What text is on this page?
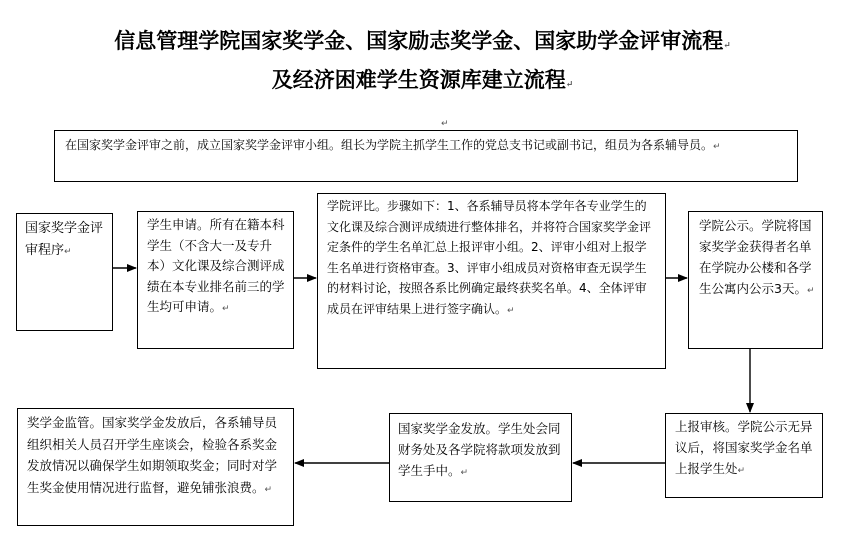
信息管理学院国家奖学金、国家励志奖学金、国家助学金评审流程↵
及经济困难学生资源库建立流程↵
↵
在国家奖学金评审之前，成立国家奖学金评审小组。组长为学院主抓学生工作的党总支书记或副书记，组员为各系辅导员。↵
国家奖学金评审程序↵
学生申请。所有在籍本科学生（不含大一及专升本）文化课及综合测评成绩在本专业排名前三的学生均可申请。↵
学院评比。步骤如下：1、各系辅导员将本学年各专业学生的文化课及综合测评成绩进行整体排名，并将符合国家奖学金评定条件的学生名单汇总上报评审小组。2、评审小组对上报学生名单进行资格审查。3、评审小组成员对资格审查无误学生的材料讨论，按照各系比例确定最终获奖名单。4、全体评审成员在评审结果上进行签字确认。↵
学院公示。学院将国家奖学金获得者名单在学院办公楼和各学生公寓内公示3天。↵
上报审核。学院公示无异议后，将国家奖学金名单上报学生处↵
国家奖学金发放。学生处会同财务处及各学院将款项发放到学生手中。↵
奖学金监管。国家奖学金发放后，各系辅导员组织相关人员召开学生座谈会，检验各系奖金发放情况以确保学生如期领取奖金；同时对学生奖金使用情况进行监督，避免铺张浪费。↵
